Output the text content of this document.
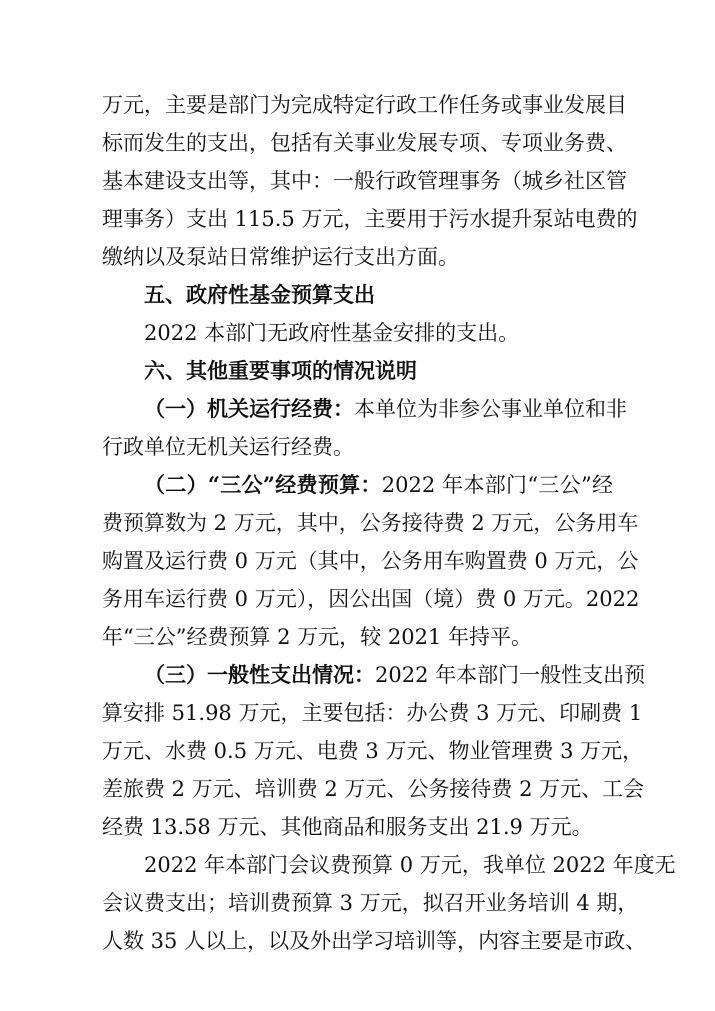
万元，主要是部门为完成特定行政工作任务或事业发展目
标而发生的支出，包括有关事业发展专项、专项业务费、
基本建设支出等，其中：一般行政管理事务（城乡社区管
理事务）支出 115.5 万元，主要用于污水提升泵站电费的
缴纳以及泵站日常维护运行支出方面。
五、政府性基金预算支出
2022 本部门无政府性基金安排的支出。
六、其他重要事项的情况说明
（一）机关运行经费：本单位为非参公事业单位和非
行政单位无机关运行经费。
（二）“三公”经费预算：2022 年本部门“三公”经
费预算数为 2 万元，其中，公务接待费 2 万元，公务用车
购置及运行费 0 万元（其中，公务用车购置费 0 万元，公
务用车运行费 0 万元），因公出国（境）费 0 万元。2022
年“三公”经费预算 2 万元，较 2021 年持平。
（三）一般性支出情况：2022 年本部门一般性支出预
算安排 51.98 万元，主要包括：办公费 3 万元、印刷费 1
万元、水费 0.5 万元、电费 3 万元、物业管理费 3 万元，
差旅费 2 万元、培训费 2 万元、公务接待费 2 万元、工会
经费 13.58 万元、其他商品和服务支出 21.9 万元。
2022 年本部门会议费预算 0 万元，我单位 2022 年度无
会议费支出；培训费预算 3 万元，拟召开业务培训 4 期，
人数 35 人以上，以及外出学习培训等，内容主要是市政、
